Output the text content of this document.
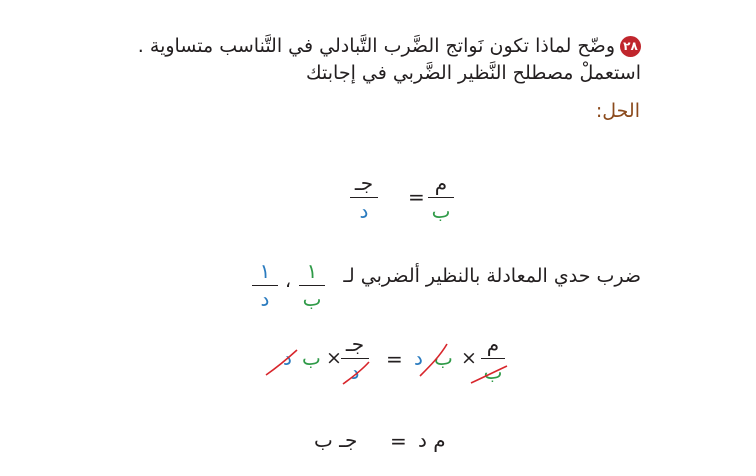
٢٨وضّح لماذا تكون نَواتج الضَّرب التَّبادلي في التَّناسب متساوية .
استعملْ مصطلح النَّظير الضَّربي في إجابتك
الحل:
م
ب
=
جـ
د
ضرب حدي المعادلة بالنظير ألضربي لـ
١
ب
،
١
د
م
ب
×
د ب
=
جـ
د
×
ب
د
م د
=
جـ ب
